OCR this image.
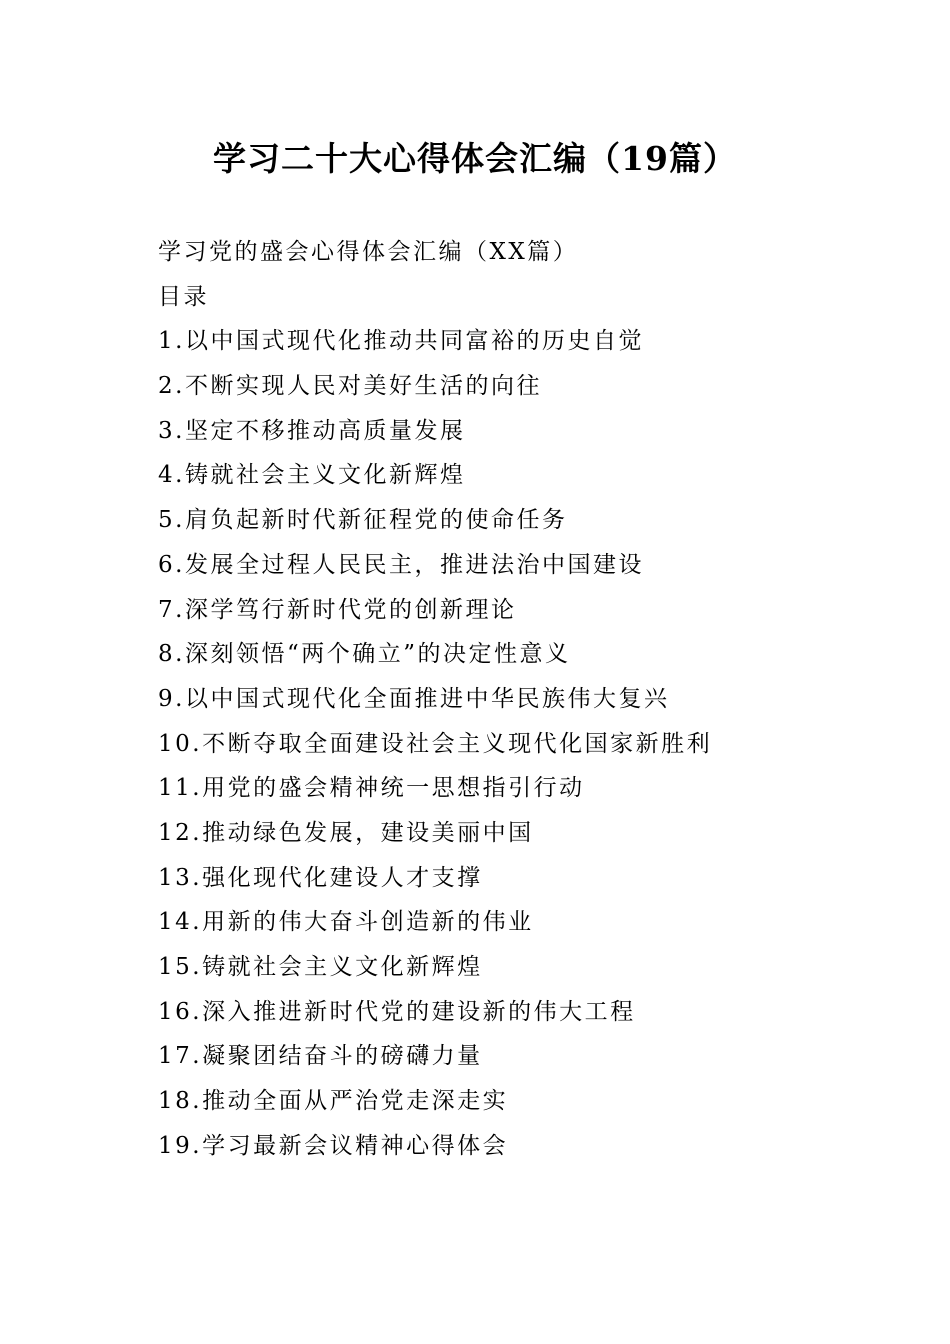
学习二十大心得体会汇编（19篇）
学习党的盛会心得体会汇编（XX篇）
目录
1.以中国式现代化推动共同富裕的历史自觉
2.不断实现人民对美好生活的向往
3.坚定不移推动高质量发展
4.铸就社会主义文化新辉煌
5.肩负起新时代新征程党的使命任务
6.发展全过程人民民主，推进法治中国建设
7.深学笃行新时代党的创新理论
8.深刻领悟“两个确立”的决定性意义
9.以中国式现代化全面推进中华民族伟大复兴
10.不断夺取全面建设社会主义现代化国家新胜利
11.用党的盛会精神统一思想指引行动
12.推动绿色发展，建设美丽中国
13.强化现代化建设人才支撑
14.用新的伟大奋斗创造新的伟业
15.铸就社会主义文化新辉煌
16.深入推进新时代党的建设新的伟大工程
17.凝聚团结奋斗的磅礴力量
18.推动全面从严治党走深走实
19.学习最新会议精神心得体会
